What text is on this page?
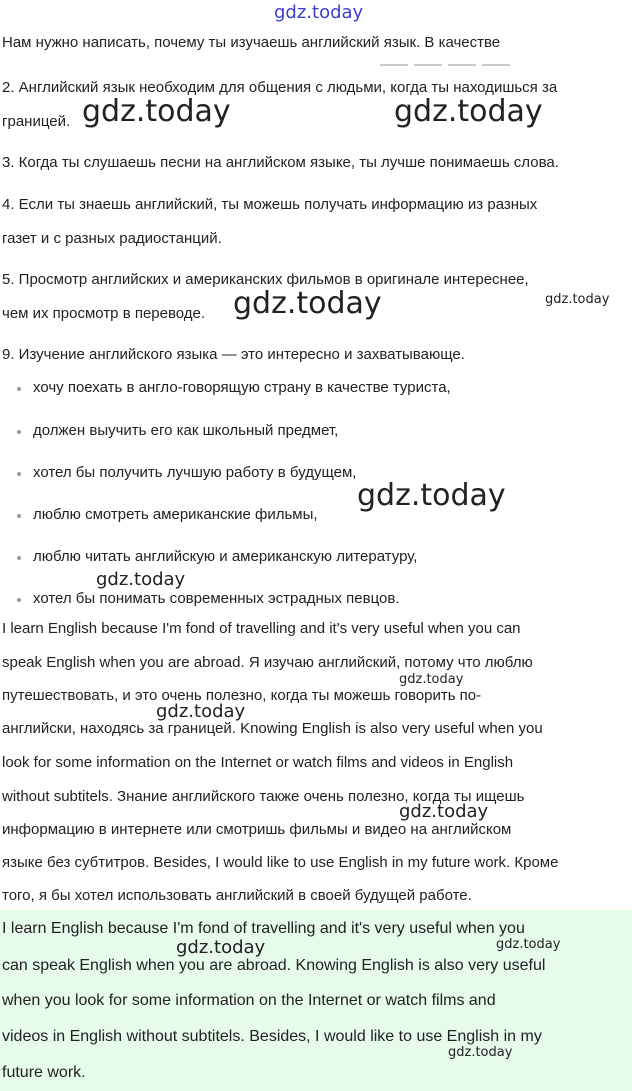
Нам нужно написать, почему ты изучаешь английский язык. В качестве
2. Английский язык необходим для общения с людьми, когда ты находишься за
границей.
3. Когда ты слушаешь песни на английском языке, ты лучше понимаешь слова.
4. Если ты знаешь английский, ты можешь получать информацию из разных
газет и с разных радиостанций.
5. Просмотр английских и американских фильмов в оригинале интереснее,
чем их просмотр в переводе.
9. Изучение английского языка — это интересно и захватывающе.
хочу поехать в англо-говорящую страну в качестве туриста,
должен выучить его как школьный предмет,
хотел бы получить лучшую работу в будущем,
люблю смотреть американские фильмы,
люблю читать английскую и американскую литературу,
хотел бы понимать современных эстрадных певцов.
I learn English because I'm fond of travelling and it's very useful when you can
speak English when you are abroad. Я изучаю английский, потому что люблю
путешествовать, и это очень полезно, когда ты можешь говорить по-
английски, находясь за границей. Knowing English is also very useful when you
look for some information on the Internet or watch films and videos in English
without subtitels. Знание английского также очень полезно, когда ты ищешь
информацию в интернете или смотришь фильмы и видео на английском
языке без субтитров. Besides, I would like to use English in my future work. Кроме
того, я бы хотел использовать английский в своей будущей работе.
I learn English because I'm fond of travelling and it's very useful when you
can speak English when you are abroad. Knowing English is also very useful
when you look for some information on the Internet or watch films and
videos in English without subtitels. Besides, I would like to use English in my
future work.
gdz.today
gdz.today	gdz.today
gdz.today	gdz.today
gdz.today
gdz.today
gdz.today
gdz.today
gdz.today
gdz.today	gdz.today
gdz.today
